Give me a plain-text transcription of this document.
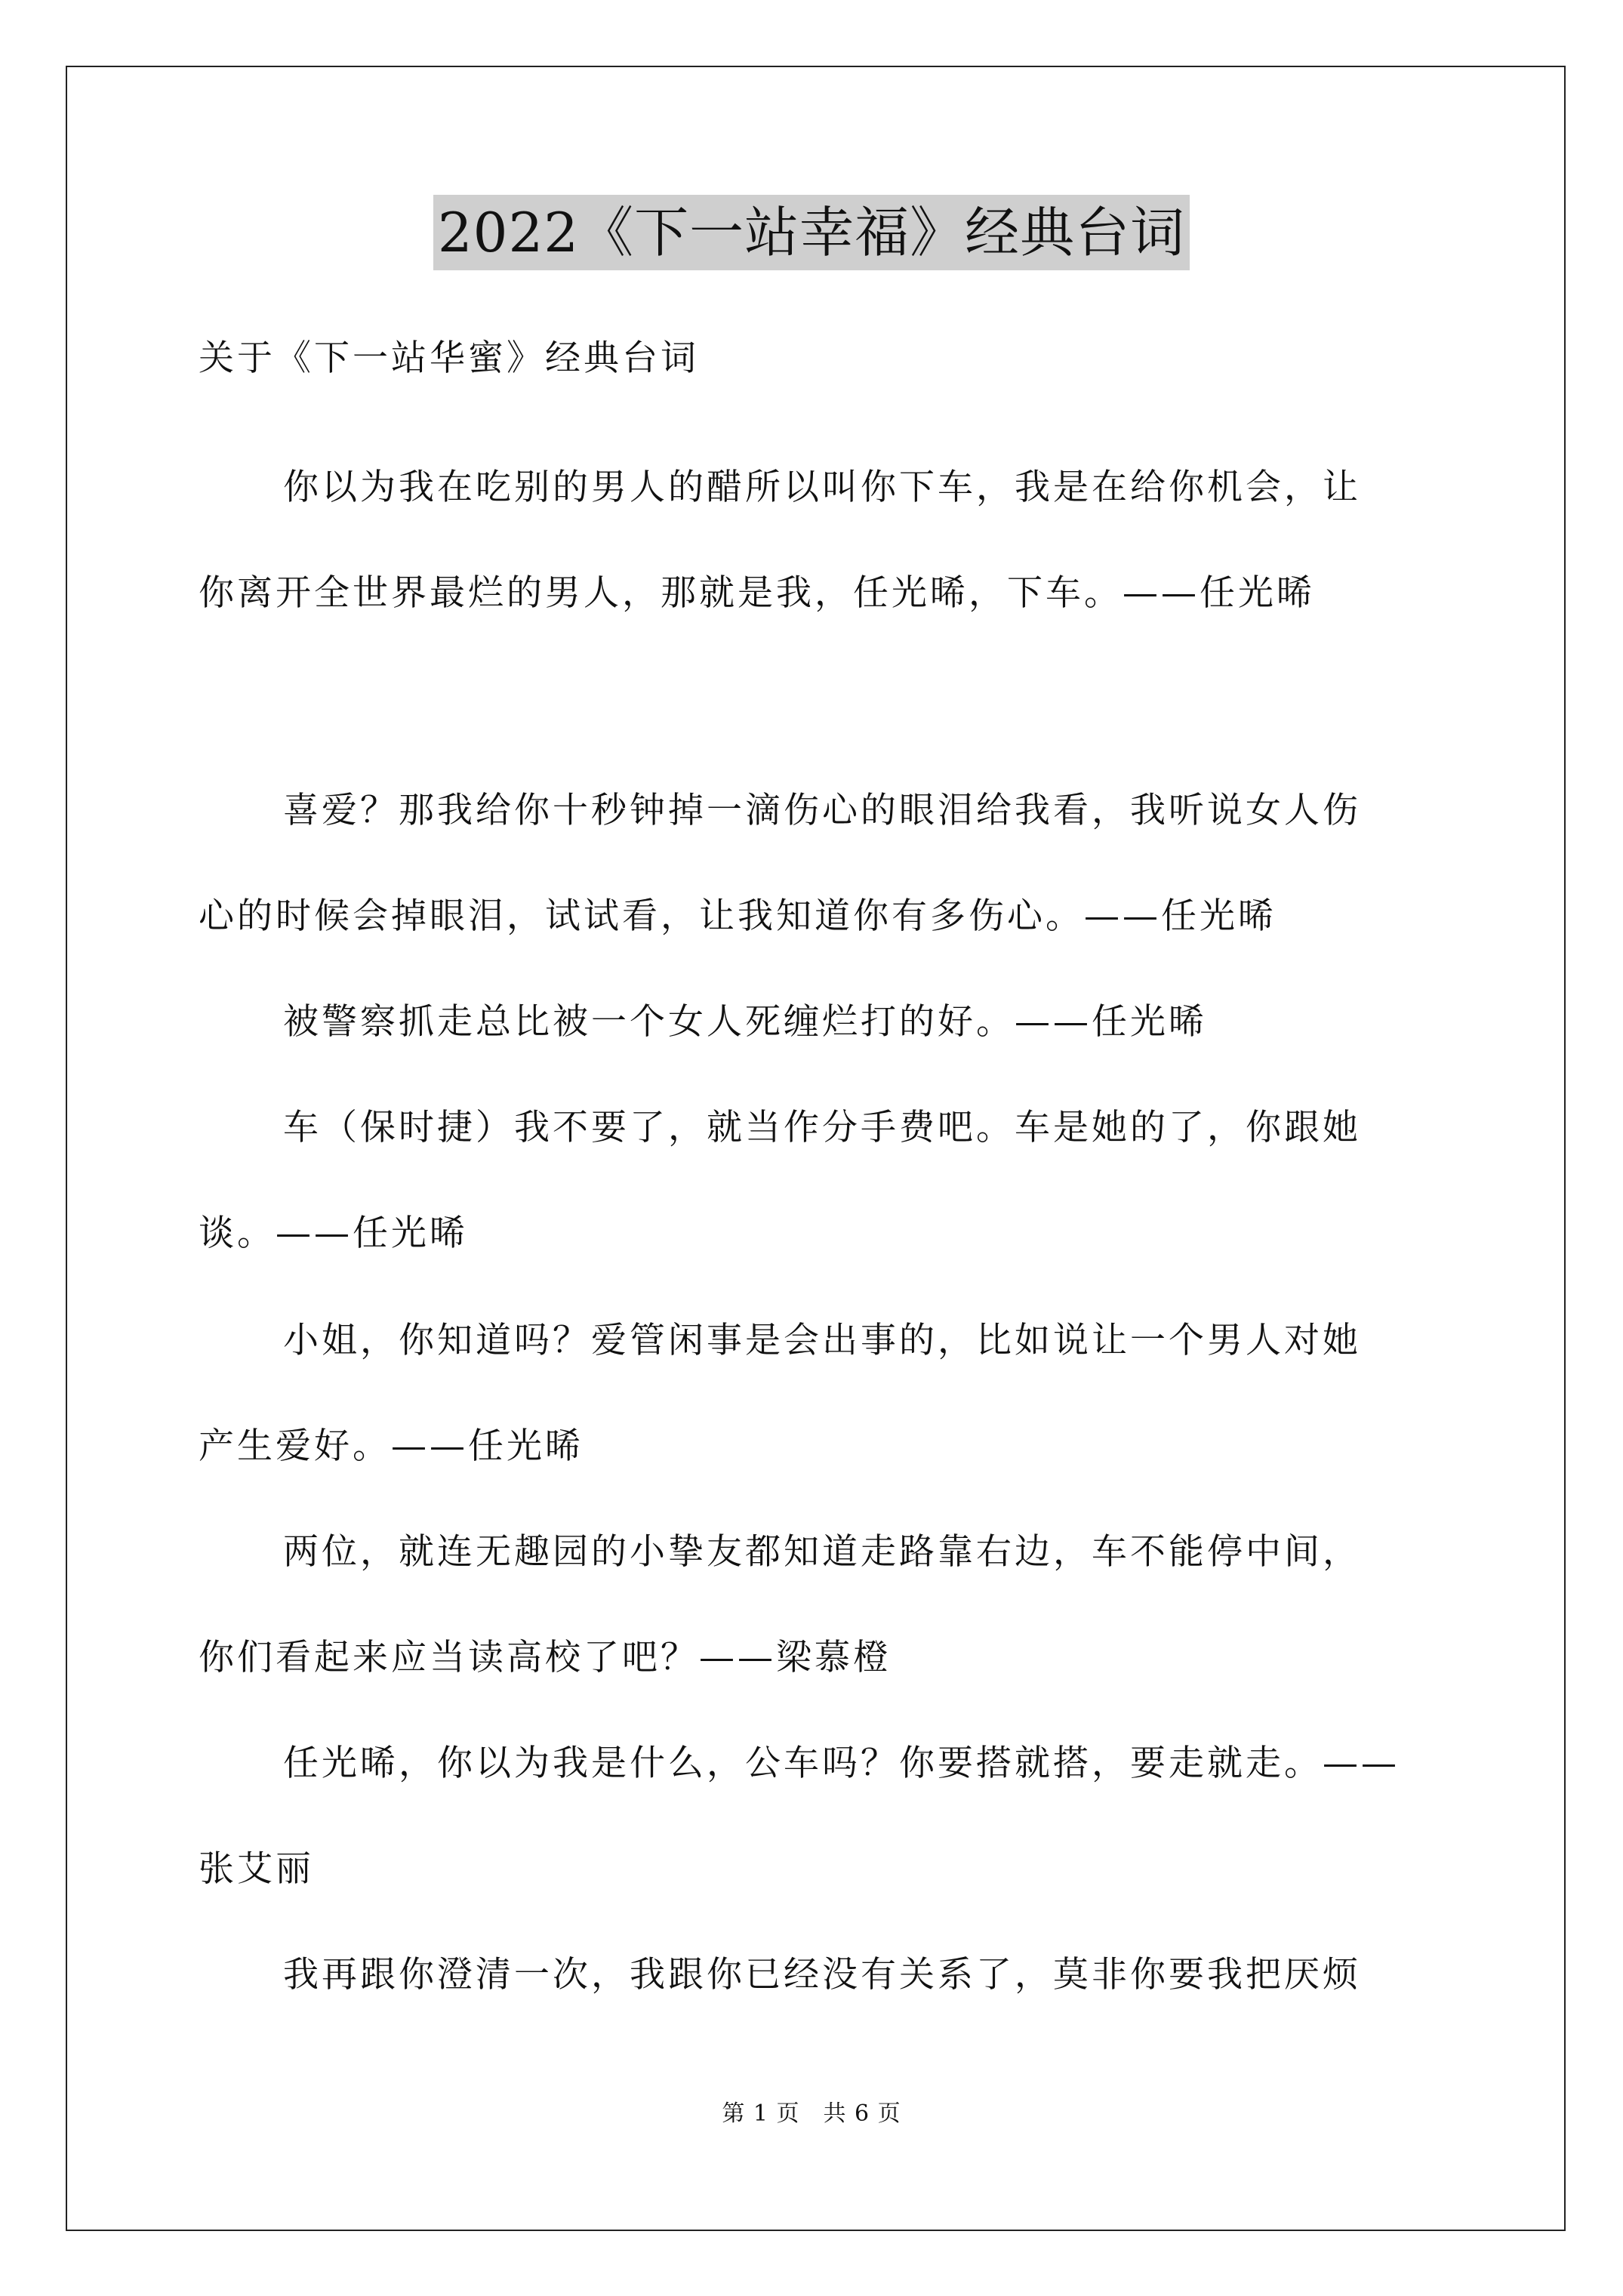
2022《下一站幸福》经典台词

关于《下一站华蜜》经典台词

你以为我在吃别的男人的醋所以叫你下车，我是在给你机会，让

你离开全世界最烂的男人，那就是我，任光晞，下车。——任光晞

喜爱？那我给你十秒钟掉一滴伤心的眼泪给我看，我听说女人伤

心的时候会掉眼泪，试试看，让我知道你有多伤心。——任光晞

被警察抓走总比被一个女人死缠烂打的好。——任光晞

车（保时捷）我不要了，就当作分手费吧。车是她的了，你跟她

谈。——任光晞

小姐，你知道吗？爱管闲事是会出事的，比如说让一个男人对她

产生爱好。——任光晞

两位，就连无趣园的小挚友都知道走路靠右边，车不能停中间，

你们看起来应当读高校了吧？——梁慕橙

任光晞，你以为我是什么，公车吗？你要搭就搭，要走就走。——

张艾丽

我再跟你澄清一次，我跟你已经没有关系了，莫非你要我把厌烦

第 1 页　共 6 页
